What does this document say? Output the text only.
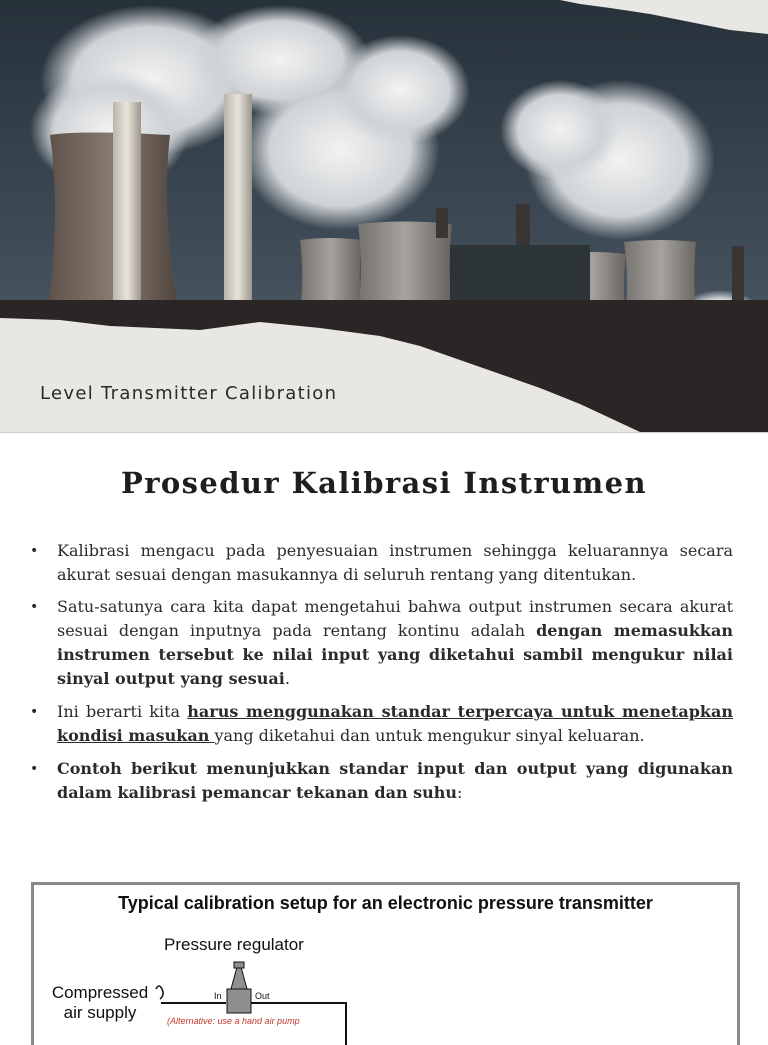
Level Transmitter Calibration
Prosedur Kalibrasi Instrumen
• Kalibrasi mengacu pada penyesuaian instrumen sehingga keluarannya secara akurat sesuai dengan masukannya di seluruh rentang yang ditentukan.
• Satu-satunya cara kita dapat mengetahui bahwa output instrumen secara akurat sesuai dengan inputnya pada rentang kontinu adalah dengan memasukkan instrumen tersebut ke nilai input yang diketahui sambil mengukur nilai sinyal output yang sesuai.
• Ini berarti kita harus menggunakan standar terpercaya untuk menetapkan kondisi masukan yang diketahui dan untuk mengukur sinyal keluaran.
• Contoh berikut menunjukkan standar input dan output yang digunakan dalam kalibrasi pemancar tekanan dan suhu:
Typical calibration setup for an electronic pressure transmitter
Pressure regulator
Compressed
air supply
In	Out
(Alternative: use a hand air pump
